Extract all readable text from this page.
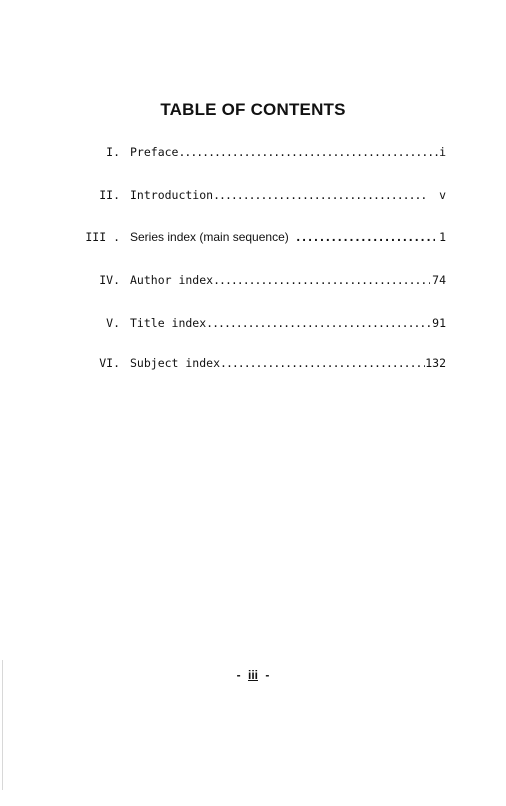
TABLE OF CONTENTS
I. Preface .....	i
II. Introduction .....	v
III . Series index (main sequence) .....	1
IV. Author index .....	74
V. Title index .....	91
VI. Subject index .....	132
- iii -
